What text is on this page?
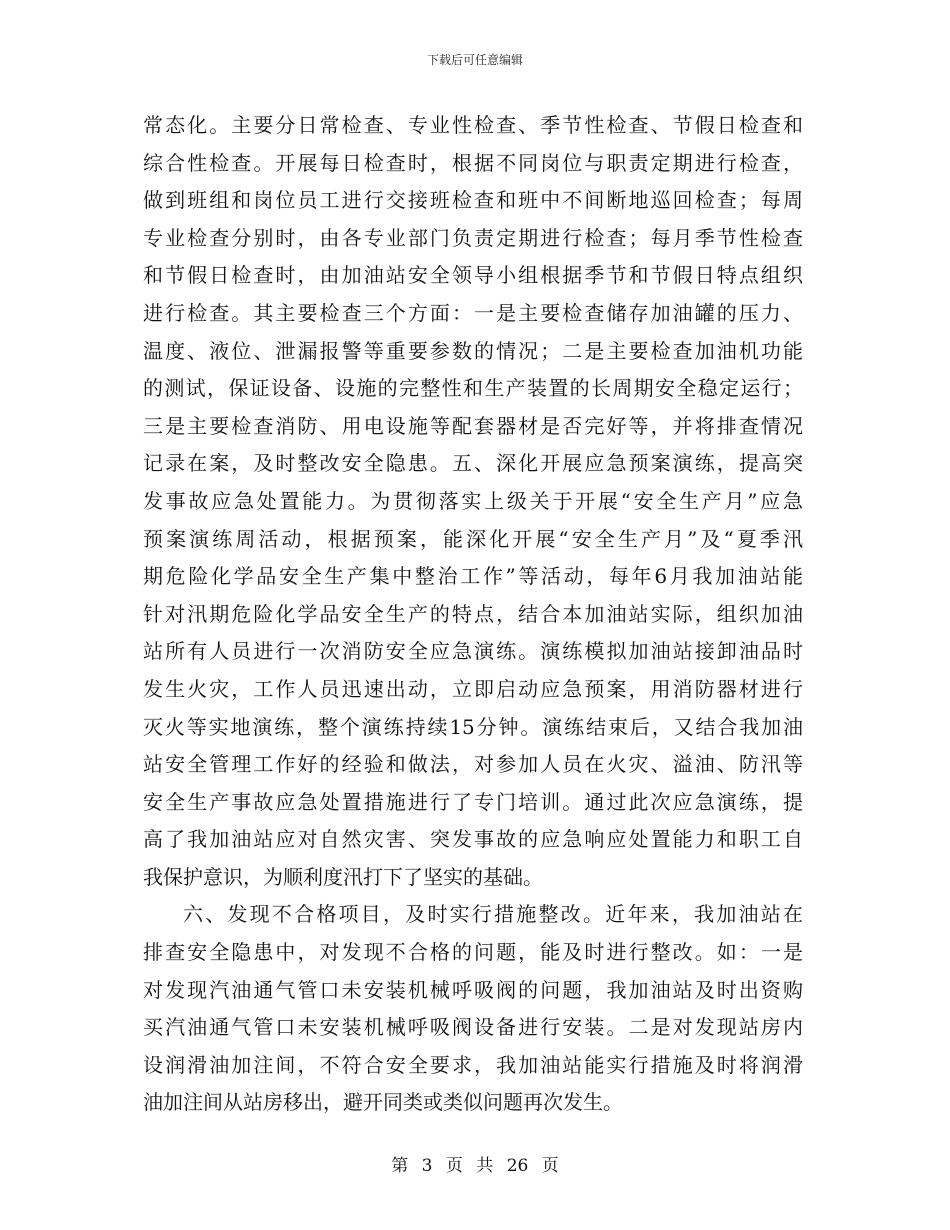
下载后可任意编辑
常态化。主要分日常检查、专业性检查、季节性检查、节假日检查和
综合性检查。开展每日检查时，根据不同岗位与职责定期进行检查，
做到班组和岗位员工进行交接班检查和班中不间断地巡回检查；每周
专业检查分别时，由各专业部门负责定期进行检查；每月季节性检查
和节假日检查时，由加油站安全领导小组根据季节和节假日特点组织
进行检查。其主要检查三个方面：一是主要检查储存加油罐的压力、
温度、液位、泄漏报警等重要参数的情况；二是主要检查加油机功能
的测试，保证设备、设施的完整性和生产装置的长周期安全稳定运行；
三是主要检查消防、用电设施等配套器材是否完好等，并将排查情况
记录在案，及时整改安全隐患。五、深化开展应急预案演练，提高突
发事故应急处置能力。为贯彻落实上级关于开展“安全生产月”应急
预案演练周活动，根据预案，能深化开展“安全生产月”及“夏季汛
期危险化学品安全生产集中整治工作”等活动，每年6月我加油站能
针对汛期危险化学品安全生产的特点，结合本加油站实际，组织加油
站所有人员进行一次消防安全应急演练。演练模拟加油站接卸油品时
发生火灾，工作人员迅速出动，立即启动应急预案，用消防器材进行
灭火等实地演练，整个演练持续15分钟。演练结束后，又结合我加油
站安全管理工作好的经验和做法，对参加人员在火灾、溢油、防汛等
安全生产事故应急处置措施进行了专门培训。通过此次应急演练，提
高了我加油站应对自然灾害、突发事故的应急响应处置能力和职工自
我保护意识，为顺利度汛打下了坚实的基础。
六、发现不合格项目，及时实行措施整改。近年来，我加油站在
排查安全隐患中，对发现不合格的问题，能及时进行整改。如：一是
对发现汽油通气管口未安装机械呼吸阀的问题，我加油站及时出资购
买汽油通气管口未安装机械呼吸阀设备进行安装。二是对发现站房内
设润滑油加注间，不符合安全要求，我加油站能实行措施及时将润滑
油加注间从站房移出，避开同类或类似问题再次发生。
第 3 页 共 26 页
